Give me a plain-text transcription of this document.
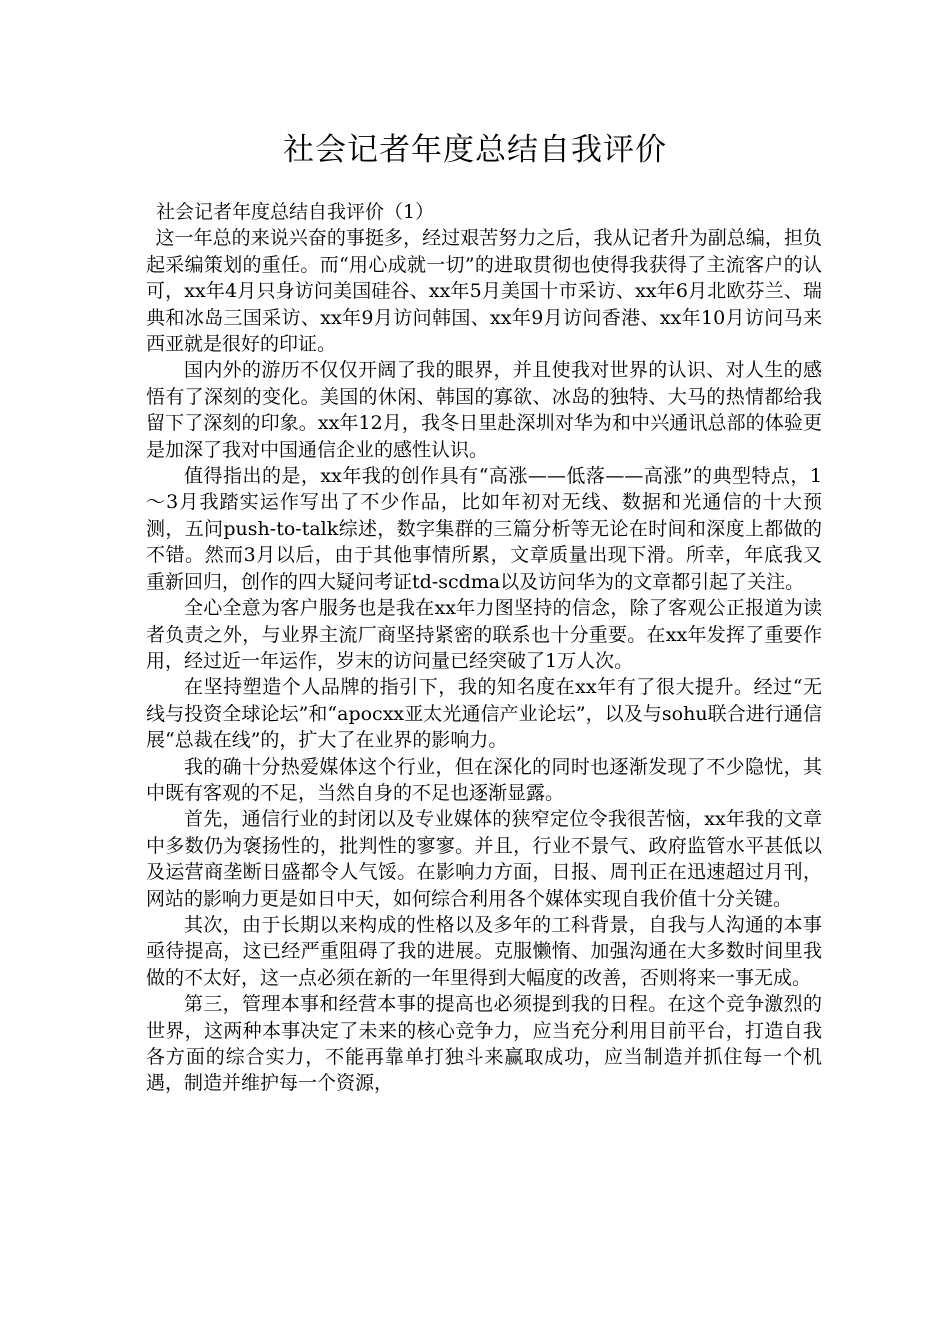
社会记者年度总结自我评价

社会记者年度总结自我评价（1）

这一年总的来说兴奋的事挺多，经过艰苦努力之后，我从记者升为副总编，担负起采编策划的重任。而“用心成就一切”的进取贯彻也使得我获得了主流客户的认可，xx年4月只身访问美国硅谷、xx年5月美国十市采访、xx年6月北欧芬兰、瑞典和冰岛三国采访、xx年9月访问韩国、xx年9月访问香港、xx年10月访问马来西亚就是很好的印证。

国内外的游历不仅仅开阔了我的眼界，并且使我对世界的认识、对人生的感悟有了深刻的变化。美国的休闲、韩国的寡欲、冰岛的独特、大马的热情都给我留下了深刻的印象。xx年12月，我冬日里赴深圳对华为和中兴通讯总部的体验更是加深了我对中国通信企业的感性认识。

值得指出的是，xx年我的创作具有“高涨——低落——高涨”的典型特点，1～3月我踏实运作写出了不少作品，比如年初对无线、数据和光通信的十大预测，五问push-to-talk综述，数字集群的三篇分析等无论在时间和深度上都做的不错。然而3月以后，由于其他事情所累，文章质量出现下滑。所幸，年底我又重新回归，创作的四大疑问考证td-scdma以及访问华为的文章都引起了关注。

全心全意为客户服务也是我在xx年力图坚持的信念，除了客观公正报道为读者负责之外，与业界主流厂商坚持紧密的联系也十分重要。在xx年发挥了重要作用，经过近一年运作，岁末的访问量已经突破了1万人次。

在坚持塑造个人品牌的指引下，我的知名度在xx年有了很大提升。经过“无线与投资全球论坛”和“apocxx亚太光通信产业论坛”，以及与sohu联合进行通信展“总裁在线”的，扩大了在业界的影响力。

我的确十分热爱媒体这个行业，但在深化的同时也逐渐发现了不少隐忧，其中既有客观的不足，当然自身的不足也逐渐显露。

首先，通信行业的封闭以及专业媒体的狭窄定位令我很苦恼，xx年我的文章中多数仍为褒扬性的，批判性的寥寥。并且，行业不景气、政府监管水平甚低以及运营商垄断日盛都令人气馁。在影响力方面，日报、周刊正在迅速超过月刊，网站的影响力更是如日中天，如何综合利用各个媒体实现自我价值十分关键。

其次，由于长期以来构成的性格以及多年的工科背景，自我与人沟通的本事亟待提高，这已经严重阻碍了我的进展。克服懒惰、加强沟通在大多数时间里我做的不太好，这一点必须在新的一年里得到大幅度的改善，否则将来一事无成。

第三，管理本事和经营本事的提高也必须提到我的日程。在这个竞争激烈的世界，这两种本事决定了未来的核心竞争力，应当充分利用目前平台，打造自我各方面的综合实力，不能再靠单打独斗来赢取成功，应当制造并抓住每一个机遇，制造并维护每一个资源，
